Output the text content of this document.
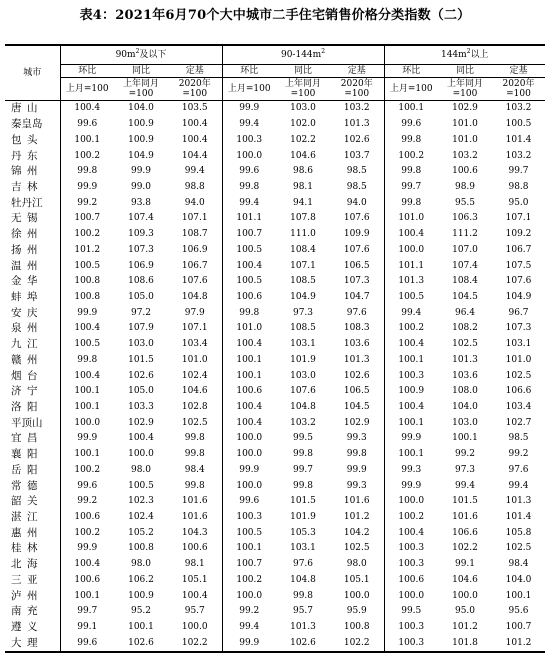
表4：2021年6月70个大中城市二手住宅销售价格分类指数（二）
城市	$90m^2$及以下			$90-144m^2$			$144m^2$以上		
	环比	同比	定基	环比	同比	定基	环比	同比	定基
	上月=100	上年同月=100	2020年=100	上月=100	上年同月=100	2020年=100	上月=100	上年同月=100	2020年=100
唐山	100.4	104.0	103.5	99.9	103.0	103.2	100.1	102.9	103.2
秦皇岛	99.6	100.9	100.4	99.4	102.0	101.3	99.6	101.0	100.5
包头	100.1	100.9	100.4	100.3	102.2	102.6	99.8	101.0	101.4
丹东	100.2	104.9	104.4	100.0	104.6	103.7	100.2	103.2	103.2
锦州	99.8	99.9	99.4	99.6	98.6	98.5	99.8	100.6	99.7
吉林	99.9	99.0	98.8	99.8	98.1	98.5	99.7	98.9	98.8
牡丹江	99.2	93.8	94.0	99.4	94.1	94.0	99.8	95.5	95.0
无锡	100.7	107.4	107.1	101.1	107.8	107.6	101.0	106.3	107.1
徐州	100.2	109.3	108.7	100.7	111.0	109.9	100.4	111.2	109.2
扬州	101.2	107.3	106.9	100.5	108.4	107.6	100.0	107.0	106.7
温州	100.5	106.9	106.7	100.4	107.1	106.5	101.1	107.4	107.5
金华	100.8	108.6	107.6	100.5	108.5	107.3	101.3	108.4	107.6
蚌埠	100.8	105.0	104.8	100.6	104.9	104.7	100.5	104.5	104.9
安庆	99.9	97.2	97.9	99.8	97.3	97.6	99.4	96.4	96.7
泉州	100.4	107.9	107.1	101.0	108.5	108.3	100.2	108.2	107.3
九江	100.5	103.0	103.4	100.4	103.1	103.6	100.4	102.5	103.1
赣州	99.8	101.5	101.0	100.1	101.9	101.3	100.1	101.3	101.0
烟台	100.4	102.6	102.4	100.1	103.0	102.6	100.3	103.6	102.5
济宁	100.1	105.0	104.6	100.6	107.6	106.5	100.9	108.0	106.6
洛阳	100.1	103.3	102.8	100.4	104.8	104.5	100.4	104.0	103.4
平顶山	100.0	102.9	102.5	100.4	103.2	102.9	100.1	103.0	102.7
宜昌	99.9	100.4	99.8	100.0	99.5	99.3	99.9	100.1	98.5
襄阳	100.1	100.0	99.8	100.0	99.8	99.8	100.1	99.2	99.2
岳阳	100.2	98.0	98.4	99.9	99.7	99.9	99.3	97.3	97.6
常德	99.6	100.5	99.8	100.0	99.8	99.3	99.9	99.4	99.4
韶关	99.2	102.3	101.6	99.6	101.5	101.6	100.0	101.5	101.3
湛江	100.6	102.4	101.6	100.3	101.9	101.2	100.2	101.6	101.4
惠州	100.2	105.2	104.3	100.5	105.3	104.2	100.4	106.6	105.8
桂林	99.9	100.8	100.6	100.1	103.1	102.5	100.3	102.2	102.5
北海	100.4	98.0	98.1	100.7	97.6	98.0	100.3	99.1	98.4
三亚	100.6	106.2	105.1	100.2	104.8	105.1	100.6	104.6	104.0
泸州	100.1	100.9	100.4	100.0	99.8	100.0	100.0	100.0	100.1
南充	99.7	95.2	95.7	99.2	95.7	95.9	99.5	95.0	95.6
遵义	99.1	100.1	100.0	99.4	101.3	100.8	100.3	101.2	100.7
大理	99.6	102.6	102.2	99.9	102.6	102.2	100.3	101.8	101.2
